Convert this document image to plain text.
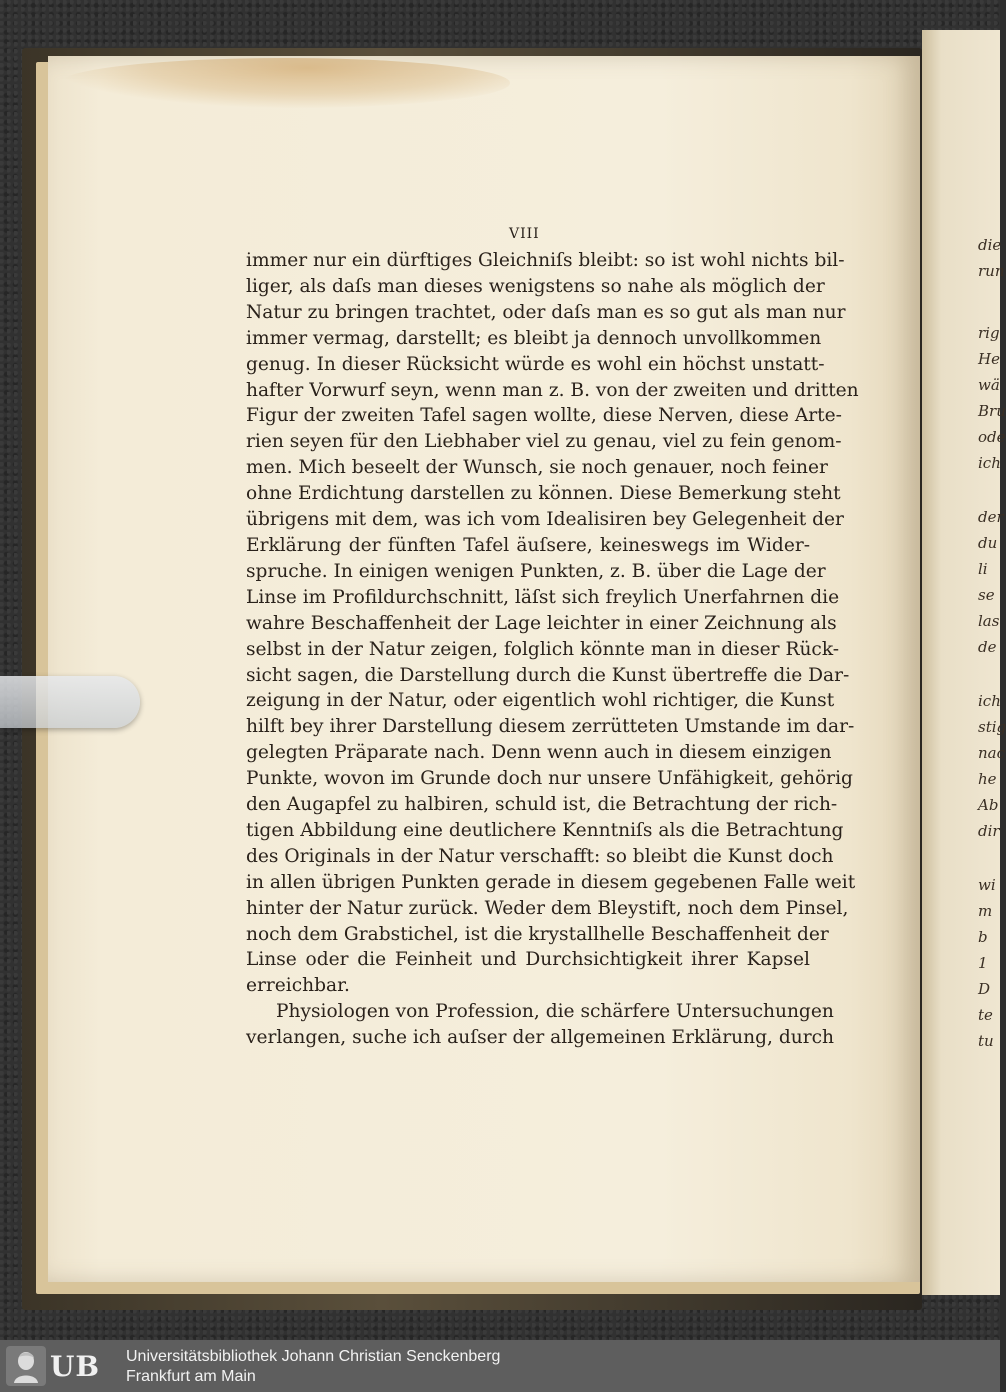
die
run
rig
He
wä
Bru
ode
ich
der
du
li
se
las
de
ich
stig
nac
he
Ab
dir
wi
m
b
1
D
te
tu
VIII
immer nur ein dürftiges Gleichniſs bleibt: so ist wohl nichts bil-
liger, als daſs man dieses wenigstens so nahe als möglich der
Natur zu bringen trachtet, oder daſs man es so gut als man nur
immer vermag, darstellt; es bleibt ja dennoch unvollkommen
genug. In dieser Rücksicht würde es wohl ein höchst unstatt-
hafter Vorwurf seyn, wenn man z. B. von der zweiten und dritten
Figur der zweiten Tafel sagen wollte, diese Nerven, diese Arte-
rien seyen für den Liebhaber viel zu genau, viel zu fein genom-
men. Mich beseelt der Wunsch, sie noch genauer, noch feiner
ohne Erdichtung darstellen zu können. Diese Bemerkung steht
übrigens mit dem, was ich vom Idealisiren bey Gelegenheit der
Erklärung der fünften Tafel äuſsere, keineswegs im Wider-
spruche. In einigen wenigen Punkten, z. B. über die Lage der
Linse im Profildurchschnitt, läſst sich freylich Unerfahrnen die
wahre Beschaffenheit der Lage leichter in einer Zeichnung als
selbst in der Natur zeigen, folglich könnte man in dieser Rück-
sicht sagen, die Darstellung durch die Kunst übertreffe die Dar-
zeigung in der Natur, oder eigentlich wohl richtiger, die Kunst
hilft bey ihrer Darstellung diesem zerrütteten Umstande im dar-
gelegten Präparate nach. Denn wenn auch in diesem einzigen
Punkte, wovon im Grunde doch nur unsere Unfähigkeit, gehörig
den Augapfel zu halbiren, schuld ist, die Betrachtung der rich-
tigen Abbildung eine deutlichere Kenntniſs als die Betrachtung
des Originals in der Natur verschafft: so bleibt die Kunst doch
in allen übrigen Punkten gerade in diesem gegebenen Falle weit
hinter der Natur zurück. Weder dem Bleystift, noch dem Pinsel,
noch dem Grabstichel, ist die krystallhelle Beschaffenheit der
Linse oder die Feinheit und Durchsichtigkeit ihrer Kapsel
erreichbar.
Physiologen von Profession, die schärfere Untersuchungen
verlangen, suche ich auſser der allgemeinen Erklärung, durch
UB Universitätsbibliothek Johann Christian Senckenberg
Frankfurt am Main
